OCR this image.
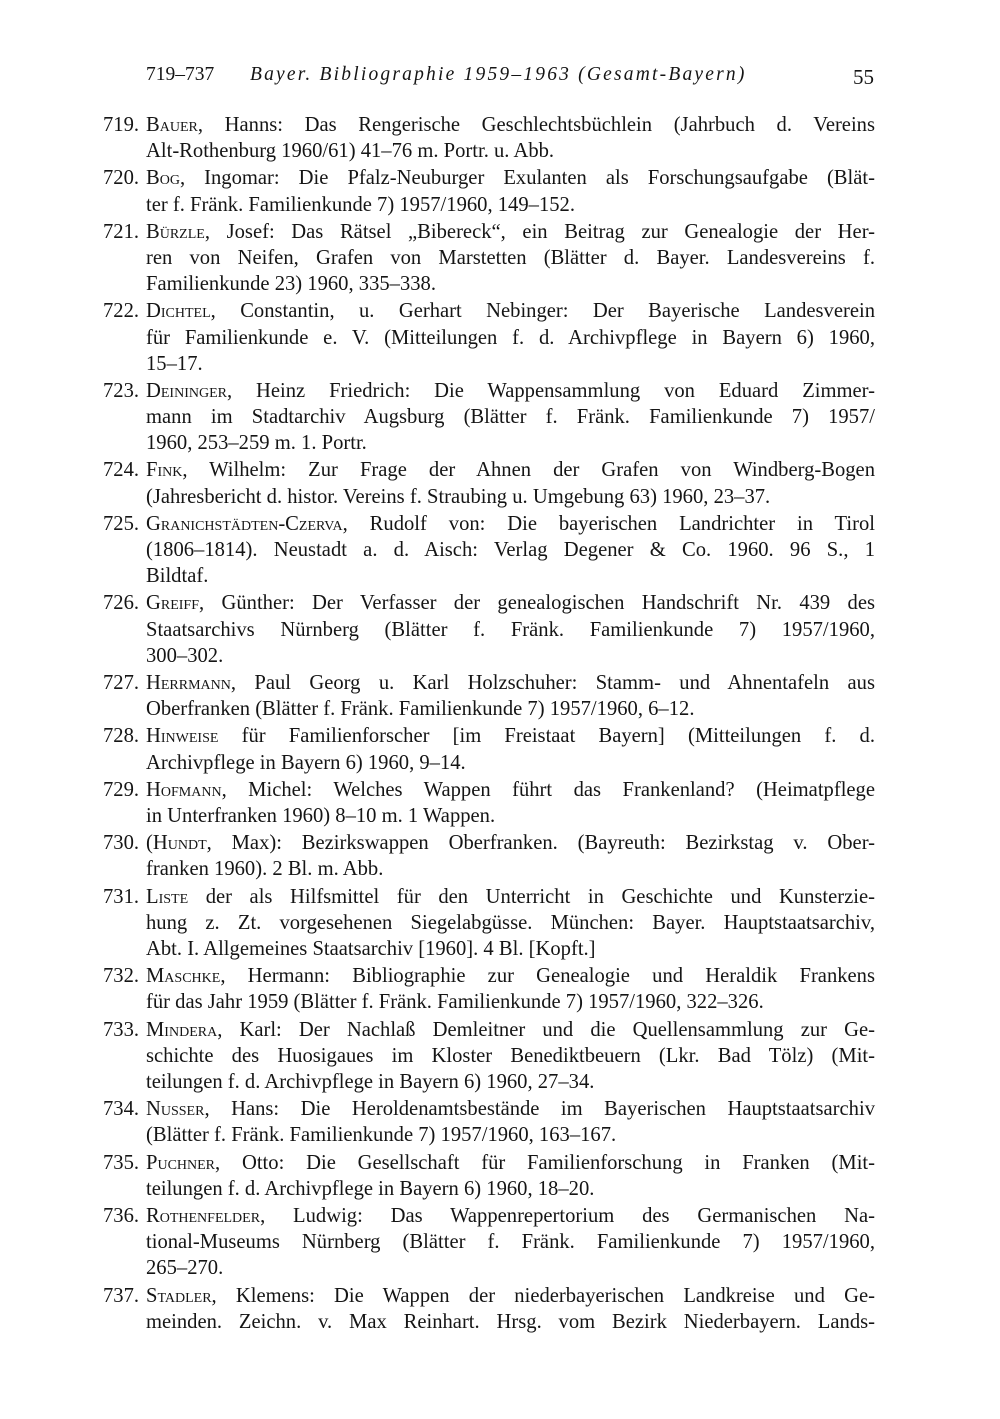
719–737 Bayer. Bibliographie 1959–1963 (Gesamt-Bayern)	55
719. Bauer, Hanns: Das Rengerische Geschlechtsbüchlein (Jahrbuch d. Vereins
Alt-Rothenburg 1960/61) 41–76 m. Portr. u. Abb.
720. Bog, Ingomar: Die Pfalz-Neuburger Exulanten als Forschungsaufgabe (Blät-
ter f. Fränk. Familienkunde 7) 1957/1960, 149–152.
721. Bürzle, Josef: Das Rätsel „Bibereck“, ein Beitrag zur Genealogie der Her-
ren von Neifen, Grafen von Marstetten (Blätter d. Bayer. Landesvereins f.
Familienkunde 23) 1960, 335–338.
722. Dichtel, Constantin, u. Gerhart Nebinger: Der Bayerische Landesverein
für Familienkunde e. V. (Mitteilungen f. d. Archivpflege in Bayern 6) 1960,
15–17.
723. Deininger, Heinz Friedrich: Die Wappensammlung von Eduard Zimmer-
mann im Stadtarchiv Augsburg (Blätter f. Fränk. Familienkunde 7) 1957/
1960, 253–259 m. 1. Portr.
724. Fink, Wilhelm: Zur Frage der Ahnen der Grafen von Windberg-Bogen
(Jahresbericht d. histor. Vereins f. Straubing u. Umgebung 63) 1960, 23–37.
725. Granichstädten-Czerva, Rudolf von: Die bayerischen Landrichter in Tirol
(1806–1814). Neustadt a. d. Aisch: Verlag Degener & Co. 1960. 96 S., 1
Bildtaf.
726. Greiff, Günther: Der Verfasser der genealogischen Handschrift Nr. 439 des
Staatsarchivs Nürnberg (Blätter f. Fränk. Familienkunde 7) 1957/1960,
300–302.
727. Herrmann, Paul Georg u. Karl Holzschuher: Stamm- und Ahnentafeln aus
Oberfranken (Blätter f. Fränk. Familienkunde 7) 1957/1960, 6–12.
728. Hinweise für Familienforscher [im Freistaat Bayern] (Mitteilungen f. d.
Archivpflege in Bayern 6) 1960, 9–14.
729. Hofmann, Michel: Welches Wappen führt das Frankenland? (Heimatpflege
in Unterfranken 1960) 8–10 m. 1 Wappen.
730. (Hundt, Max): Bezirkswappen Oberfranken. (Bayreuth: Bezirkstag v. Ober-
franken 1960). 2 Bl. m. Abb.
731. Liste der als Hilfsmittel für den Unterricht in Geschichte und Kunsterzie-
hung z. Zt. vorgesehenen Siegelabgüsse. München: Bayer. Hauptstaatsarchiv,
Abt. I. Allgemeines Staatsarchiv [1960]. 4 Bl. [Kopft.]
732. Maschke, Hermann: Bibliographie zur Genealogie und Heraldik Frankens
für das Jahr 1959 (Blätter f. Fränk. Familienkunde 7) 1957/1960, 322–326.
733. Mindera, Karl: Der Nachlaß Demleitner und die Quellensammlung zur Ge-
schichte des Huosigaues im Kloster Benediktbeuern (Lkr. Bad Tölz) (Mit-
teilungen f. d. Archivpflege in Bayern 6) 1960, 27–34.
734. Nusser, Hans: Die Heroldenamtsbestände im Bayerischen Hauptstaatsarchiv
(Blätter f. Fränk. Familienkunde 7) 1957/1960, 163–167.
735. Puchner, Otto: Die Gesellschaft für Familienforschung in Franken (Mit-
teilungen f. d. Archivpflege in Bayern 6) 1960, 18–20.
736. Rothenfelder, Ludwig: Das Wappenrepertorium des Germanischen Na-
tional-Museums Nürnberg (Blätter f. Fränk. Familienkunde 7) 1957/1960,
265–270.
737. Stadler, Klemens: Die Wappen der niederbayerischen Landkreise und Ge-
meinden. Zeichn. v. Max Reinhart. Hrsg. vom Bezirk Niederbayern. Lands-
